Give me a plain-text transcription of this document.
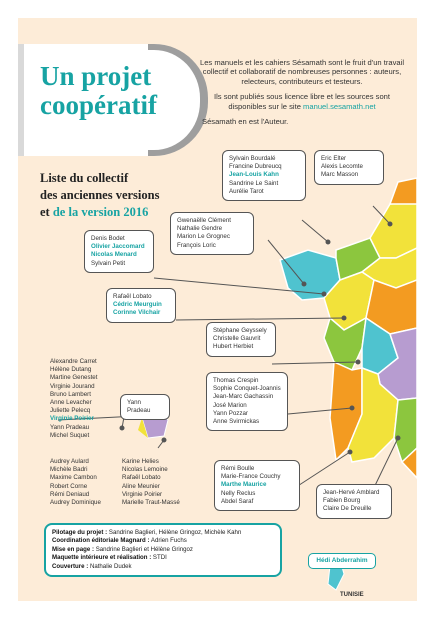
Un projet
coopératif

Les manuels et les cahiers Sésamath sont le fruit d'un travail collectif et collaboratif de nombreuses personnes : auteurs, relecteurs, contributeurs et testeurs.

Ils sont publiés sous licence libre et les sources sont disponibles sur le site manuel.sesamath.net

Sésamath en est l'Auteur.

Liste du collectif
des anciennes versions
et de la version 2016
Sylvain Bourdalé
Francine Dubreucq
Jean-Louis Kahn
Sandrine Le Saint
Aurélie Tarot
Eric Elter
Alexis Lecomte
Marc Masson
Gwenaëlle Clément
Nathalie Gendre
Marion Le Grognec
François Loric
Denis Bodet
Olivier Jaccomard
Nicolas Menard
Sylvain Petit
Rafaël Lobato
Cédric Meurguin
Corinne Vilchair
Stéphane Geyssely
Christelle Gauvrit
Hubert Herbiet
Alexandre Carret
Hélène Dutang
Martine Genestet
Virginie Jourand
Bruno Lambert
Anne Levacher
Juliette Pelecq
Virginie Poirier
Yann Pradeau
Michel Suquet
Yann Pradeau
Thomas Crespin
Sophie Conquet-Joannis
Jean-Marc Gachassin
José Marion
Yann Pozzar
Anne Svirmickas
Audrey Aulard
Michèle Badri
Maxime Cambon
Robert Corne
Rémi Deniaud
Audrey Dominique
Karine Helies
Nicolas Lemoine
Rafaël Lobato
Aline Meunier
Virginie Poirier
Marielle Traut-Massé
Rémi Boulle
Marie-France Couchy
Marthe Maurice
Nelly Reclus
Abdel Saraf
Jean-Hervé Amblard
Fabien Bourg
Claire De Dreuille
Pilotage du projet : Sandrine Baglieri, Hélène Gringoz, Michèle Kahn
Coordination éditoriale Magnard : Adrien Fuchs
Mise en page : Sandrine Baglieri et Hélène Gringoz
Maquette intérieure et réalisation : STDI
Couverture : Nathalie Dudek
Hédi Abderrahim
TUNISIE
